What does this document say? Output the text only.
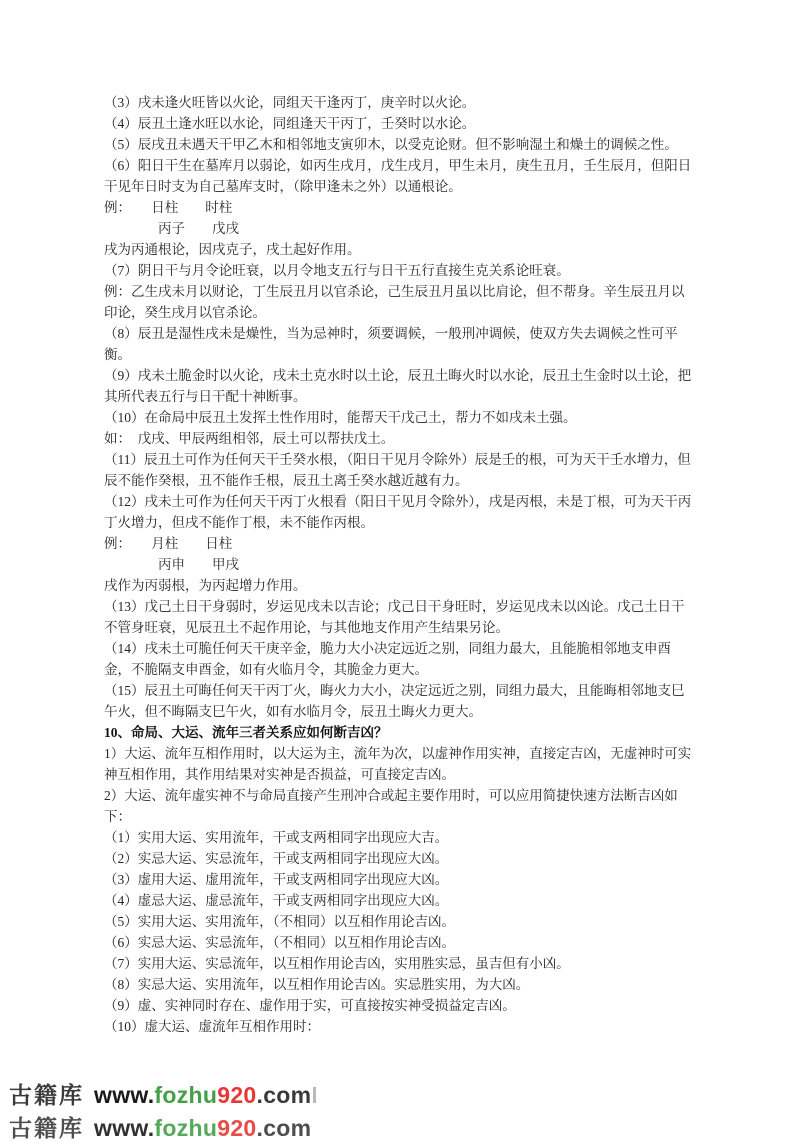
（3）戌未逢火旺皆以火论，同组天干逢丙丁，庚辛时以火论。

（4）辰丑土逢水旺以水论，同组逢天干丙丁，壬癸时以水论。

（5）辰戌丑未遇天干甲乙木和相邻地支寅卯木，以受克论财。但不影响湿土和燥土的调候之性。

（6）阳日干生在墓库月以弱论，如丙生戌月，戊生戌月，甲生未月，庚生丑月，壬生辰月，但阳日干见年日时支为自己墓库支时，（除甲逢未之外）以通根论。

例：　　日柱　　时柱

　　　　丙子　　戊戌

戌为丙通根论，因戌克子，戌土起好作用。

（7）阴日干与月令论旺衰，以月令地支五行与日干五行直接生克关系论旺衰。

例：乙生戌未月以财论，丁生辰丑月以官杀论，己生辰丑月虽以比肩论，但不帮身。辛生辰丑月以印论，癸生戌月以官杀论。

（8）辰丑是湿性戌未是燥性，当为忌神时，须要调候，一般刑冲调候，使双方失去调候之性可平衡。

（9）戌未土脆金时以火论，戌未土克水时以土论，辰丑土晦火时以水论，辰丑土生金时以土论，把其所代表五行与日干配十神断事。

（10）在命局中辰丑土发挥土性作用时，能帮天干戊己土，帮力不如戌未土强。

如：　戊戌、甲辰两组相邻，辰土可以帮扶戊土。

（11）辰丑土可作为任何天干壬癸水根，（阳日干见月令除外）辰是壬的根，可为天干壬水增力，但辰不能作癸根，丑不能作壬根，辰丑土离壬癸水越近越有力。

（12）戌未土可作为任何天干丙丁火根看（阳日干见月令除外），戌是丙根，未是丁根，可为天干丙丁火增力，但戌不能作丁根，未不能作丙根。

例：　　月柱　　日柱

　　　　丙申　　甲戌

戌作为丙弱根，为丙起增力作用。

（13）戊己土日干身弱时，岁运见戌未以吉论；戊己日干身旺时，岁运见戌未以凶论。戊己土日干不管身旺衰，见辰丑土不起作用论，与其他地支作用产生结果另论。

（14）戌未土可脆任何天干庚辛金，脆力大小决定远近之别，同组力最大，且能脆相邻地支申酉金，不脆隔支申酉金，如有火临月令，其脆金力更大。

（15）辰丑土可晦任何天干丙丁火，晦火力大小，决定远近之别，同组力最大，且能晦相邻地支巳午火，但不晦隔支巳午火，如有水临月令，辰丑土晦火力更大。

10、命局、大运、流年三者关系应如何断吉凶？

1）大运、流年互相作用时，以大运为主，流年为次，以虚神作用实神，直接定吉凶，无虚神时可实神互相作用，其作用结果对实神是否损益，可直接定吉凶。

2）大运、流年虚实神不与命局直接产生刑冲合或起主要作用时，可以应用简捷快速方法断吉凶如下：

（1）实用大运、实用流年，干或支两相同字出现应大吉。

（2）实忌大运、实忌流年，干或支两相同字出现应大凶。

（3）虚用大运、虚用流年，干或支两相同字出现应大凶。

（4）虚忌大运、虚忌流年，干或支两相同字出现应大凶。

（5）实用大运、实用流年，（不相同）以互相作用论吉凶。

（6）实忌大运、实忌流年，（不相同）以互相作用论吉凶。

（7）实用大运、实忌流年，以互相作用论吉凶，实用胜实忌，虽吉但有小凶。

（8）实忌大运、实用流年，以互相作用论吉凶。实忌胜实用，为大凶。

（9）虚、实神同时存在、虚作用于实，可直接按实神受损益定吉凶。

（10）虚大运、虚流年互相作用时：

古籍库 www.fozhu920.com
古籍库 www.fozhu920.com
